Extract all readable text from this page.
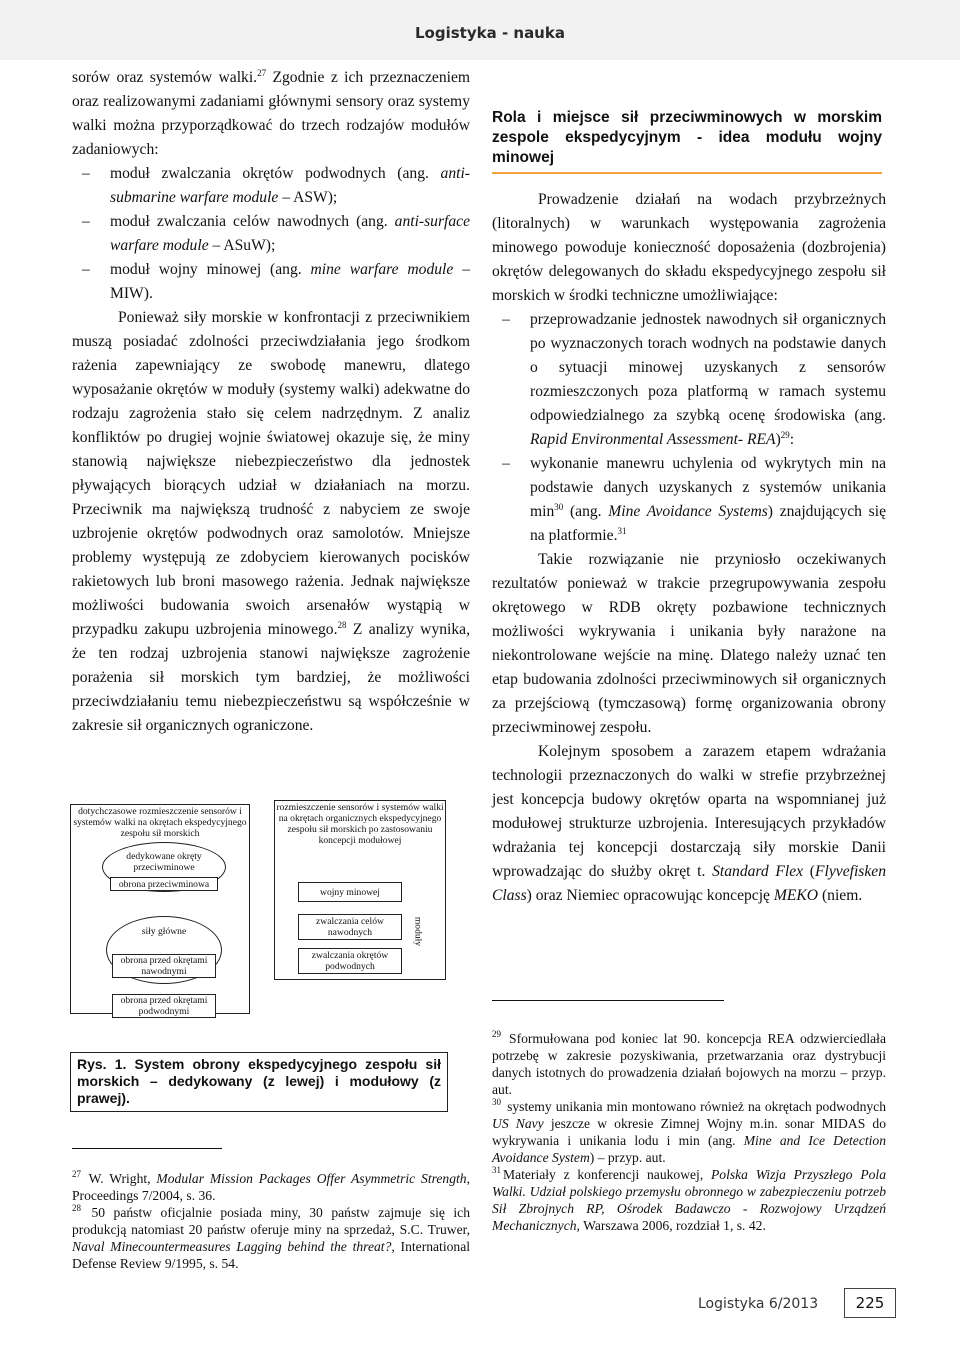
Logistyka - nauka

sorów oraz systemów walki.$^{27}$ Zgodnie z ich przeznaczeniem oraz realizowanymi zadaniami głównymi sensory oraz systemy walki można przyporządkować do trzech rodzajów modułów zadaniowych:

– moduł zwalczania okrętów podwodnych (ang. anti-submarine warfare module – ASW);
– moduł zwalczania celów nawodnych (ang. anti-surface warfare module – ASuW);
– moduł wojny minowej (ang. mine warfare module – MIW).

Ponieważ siły morskie w konfrontacji z przeciwnikiem muszą posiadać zdolności przeciwdziałania jego środkom rażenia zapewniający ze swobodę manewru, dlatego wyposażanie okrętów w moduły (systemy walki) adekwatne do rodzaju zagrożenia stało się celem nadrzędnym. Z analiz konfliktów po drugiej wojnie światowej okazuje się, że miny stanowią największe niebezpieczeństwo dla jednostek pływających biorących udział w działaniach na morzu. Przeciwnik ma największą trudność z nabyciem ze swoje uzbrojenie okrętów podwodnych oraz samolotów. Mniejsze problemy występują ze zdobyciem kierowanych pocisków rakietowych lub broni masowego rażenia. Jednak największe możliwości budowania swoich arsenałów wystąpią w przypadku zakupu uzbrojenia minowego.$^{28}$ Z analizy wynika, że ten rodzaj uzbrojenia stanowi największe zagrożenie porażenia sił morskich tym bardziej, że możliwości przeciwdziałaniu temu niebezpieczeństwu są współcześnie w zakresie sił organicznych ograniczone.

dotychczasowe rozmieszczenie sensorów i systemów walki na okrętach ekspedycyjnego zespołu sił morskich
dedykowane okręty przeciwminowe
obrona przeciwminowa
siły główne
obrona przed okrętami nawodnymi
obrona przed okrętami podwodnymi
rozmieszczenie sensorów i systemów walki na okrętach organicznych ekspedycyjnego zespołu sił morskich po zastosowaniu koncepcji modułowej
wojny minowej
zwalczania celów nawodnych
zwalczania okrętów podwodnych
moduły
Rys. 1. System obrony ekspedycyjnego zespołu sił morskich – dedykowany (z lewej) i modułowy (z prawej).

$^{27}$ W. Wright, Modular Mission Packages Offer Asymmetric Strength, Proceedings 7/2004, s. 36.

$^{28}$ 50 państw oficjalnie posiada miny, 30 państw zajmuje się ich produkcją natomiast 20 państw oferuje miny na sprzedaż, S.C. Truwer, Naval Minecountermeasures Lagging behind the threat?, International Defense Review 9/1995, s. 54.

Rola i miejsce sił przeciwminowych w morskim zespole ekspedycyjnym - idea modułu wojny minowej

Prowadzenie działań na wodach przybrzeżnych (litoralnych) w warunkach występowania zagrożenia minowego powoduje konieczność doposażenia (dozbrojenia) okrętów delegowanych do składu ekspedycyjnego zespołu sił morskich w środki techniczne umożliwiające:

– przeprowadzanie jednostek nawodnych sił organicznych po wyznaczonych torach wodnych na podstawie danych o sytuacji minowej uzyskanych z sensorów rozmieszczonych poza platformą w ramach systemu odpowiedzialnego za szybką ocenę środowiska (ang. Rapid Environmental Assessment- REA)$^{29}$:
– wykonanie manewru uchylenia od wykrytych min na podstawie danych uzyskanych z systemów unikania $\min^{30} (ang$. Mine Avoidance Systems) znajdujących się na platformie.$^{31}$

Takie rozwiązanie nie przyniosło oczekiwanych rezultatów ponieważ w trakcie przegrupowywania zespołu okrętowego w RDB okręty pozbawione technicznych możliwości wykrywania i unikania były narażone na niekontrolowane wejście na minę. Dlatego należy uznać ten etap budowania zdolności przeciwminowych sił organicznych za przejściową (tymczasową) formę organizowania obrony przeciwminowej zespołu.

Kolejnym sposobem a zarazem etapem wdrażania technologii przeznaczonych do walki w strefie przybrzeżnej jest koncepcja budowy okrętów oparta na wspomnianej już modułowej strukturze uzbrojenia. Interesujących przykładów wdrażania tej koncepcji dostarczają siły morskie Danii wprowadzając do służby okręt t. Standard Flex (Flyvefisken Class) oraz Niemiec opracowując koncepcję MEKO (niem.

$^{29}$ Sformułowana pod koniec lat 90. koncepcja REA odzwierciedlała potrzebę w zakresie pozyskiwania, przetwarzania oraz dystrybucji danych istotnych do prowadzenia działań bojowych na morzu – przyp. aut.

$^{30}$ systemy unikania min montowano również na okrętach podwodnych US Navy jeszcze w okresie Zimnej Wojny m.in. sonar MIDAS do wykrywania i unikania lodu i min (ang. Mine and Ice Detection Avoidance System) – przyp. aut.

$^{31}$ Materiały z konferencji naukowej, Polska Wizja Przyszłego Pola Walki. Udział polskiego przemysłu obronnego w zabezpieczeniu potrzeb Sił Zbrojnych RP, Ośrodek Badawczo - Rozwojowy Urządzeń Mechanicznych, Warszawa 2006, rozdział 1, s. 42.

Logistyka 6/2013	225
